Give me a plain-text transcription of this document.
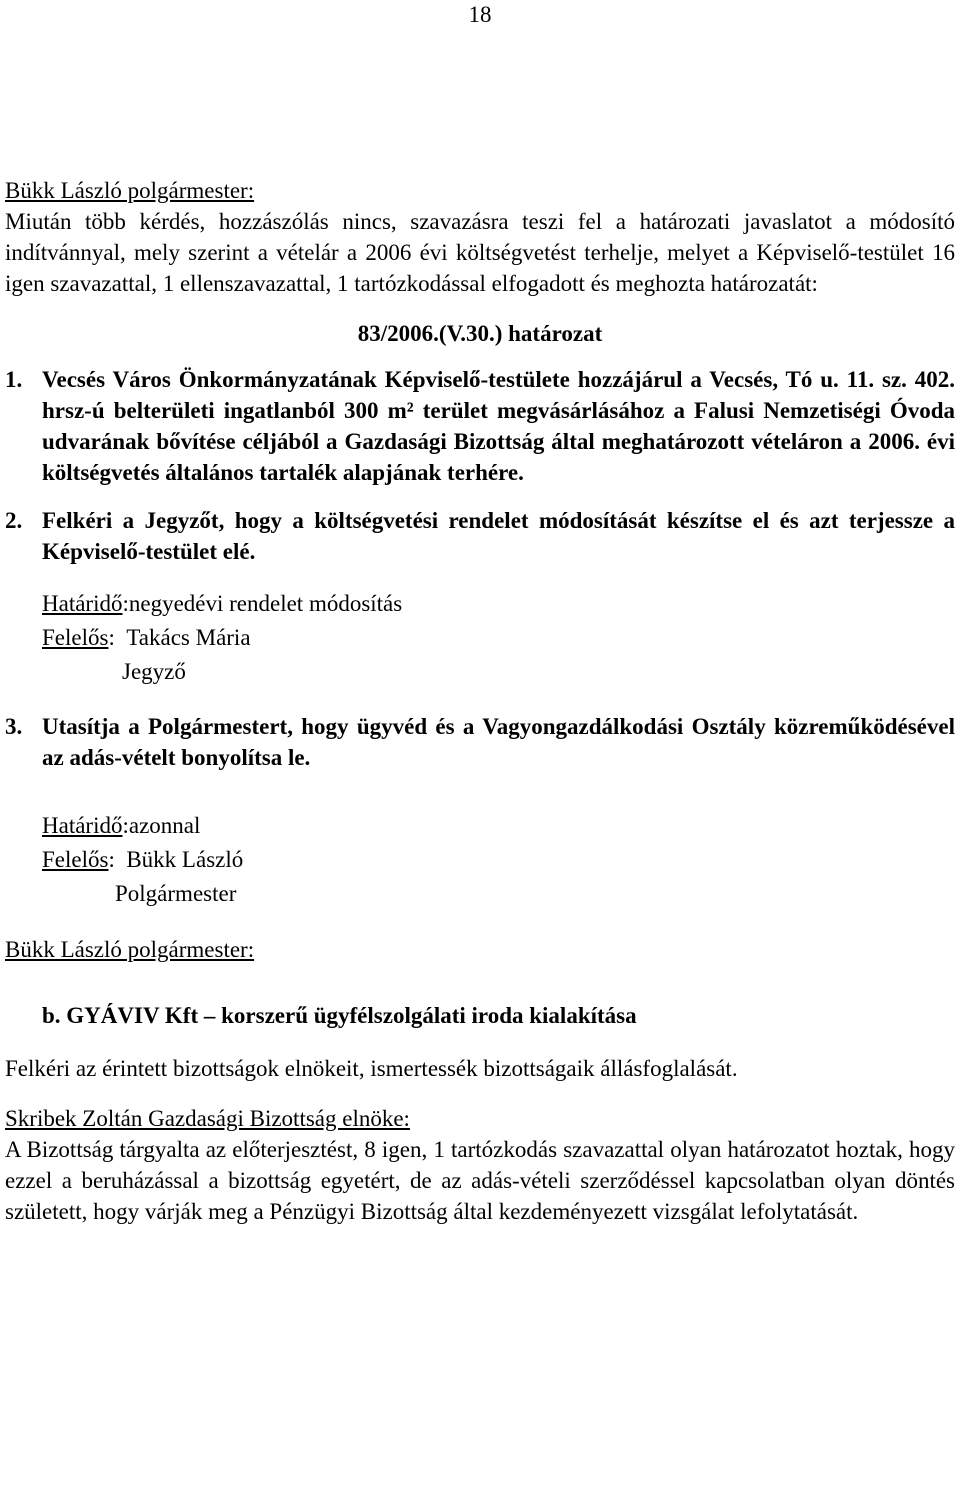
18

Bükk László polgármester:

Miután több kérdés, hozzászólás nincs, szavazásra teszi fel a határozati javaslatot a módosító indítvánnyal, mely szerint a vételár a 2006 évi költségvetést terhelje, melyet a Képviselő-testület 16 igen szavazattal, 1 ellenszavazattal, 1 tartózkodással elfogadott és meghozta határozatát:

83/2006.(V.30.) határozat

1. Vecsés Város Önkormányzatának Képviselő-testülete hozzájárul a Vecsés, Tó u. 11. sz. 402. hrsz-ú belterületi ingatlanból 300 m² terület megvásárlásához a Falusi Nemzetiségi Óvoda udvarának bővítése céljából a Gazdasági Bizottság által meghatározott vételáron a 2006. évi költségvetés általános tartalék alapjának terhére.
2. Felkéri a Jegyzőt, hogy a költségvetési rendelet módosítását készítse el és azt terjessze a Képviselő-testület elé.
Határidő:negyedévi rendelet módosítás
Felelős: Takács Mária
Jegyző
3. Utasítja a Polgármestert, hogy ügyvéd és a Vagyongazdálkodási Osztály közreműködésével az adás-vételt bonyolítsa le.
Határidő:azonnal
Felelős: Bükk László
Polgármester

Bükk László polgármester:

b. GYÁVIV Kft – korszerű ügyfélszolgálati iroda kialakítása

Felkéri az érintett bizottságok elnökeit, ismertessék bizottságaik állásfoglalását.

Skribek Zoltán Gazdasági Bizottság elnöke:

A Bizottság tárgyalta az előterjesztést, 8 igen, 1 tartózkodás szavazattal olyan határozatot hoztak, hogy ezzel a beruházással a bizottság egyetért, de az adás-vételi szerződéssel kapcsolatban olyan döntés született, hogy várják meg a Pénzügyi Bizottság által kezdeményezett vizsgálat lefolytatását.
